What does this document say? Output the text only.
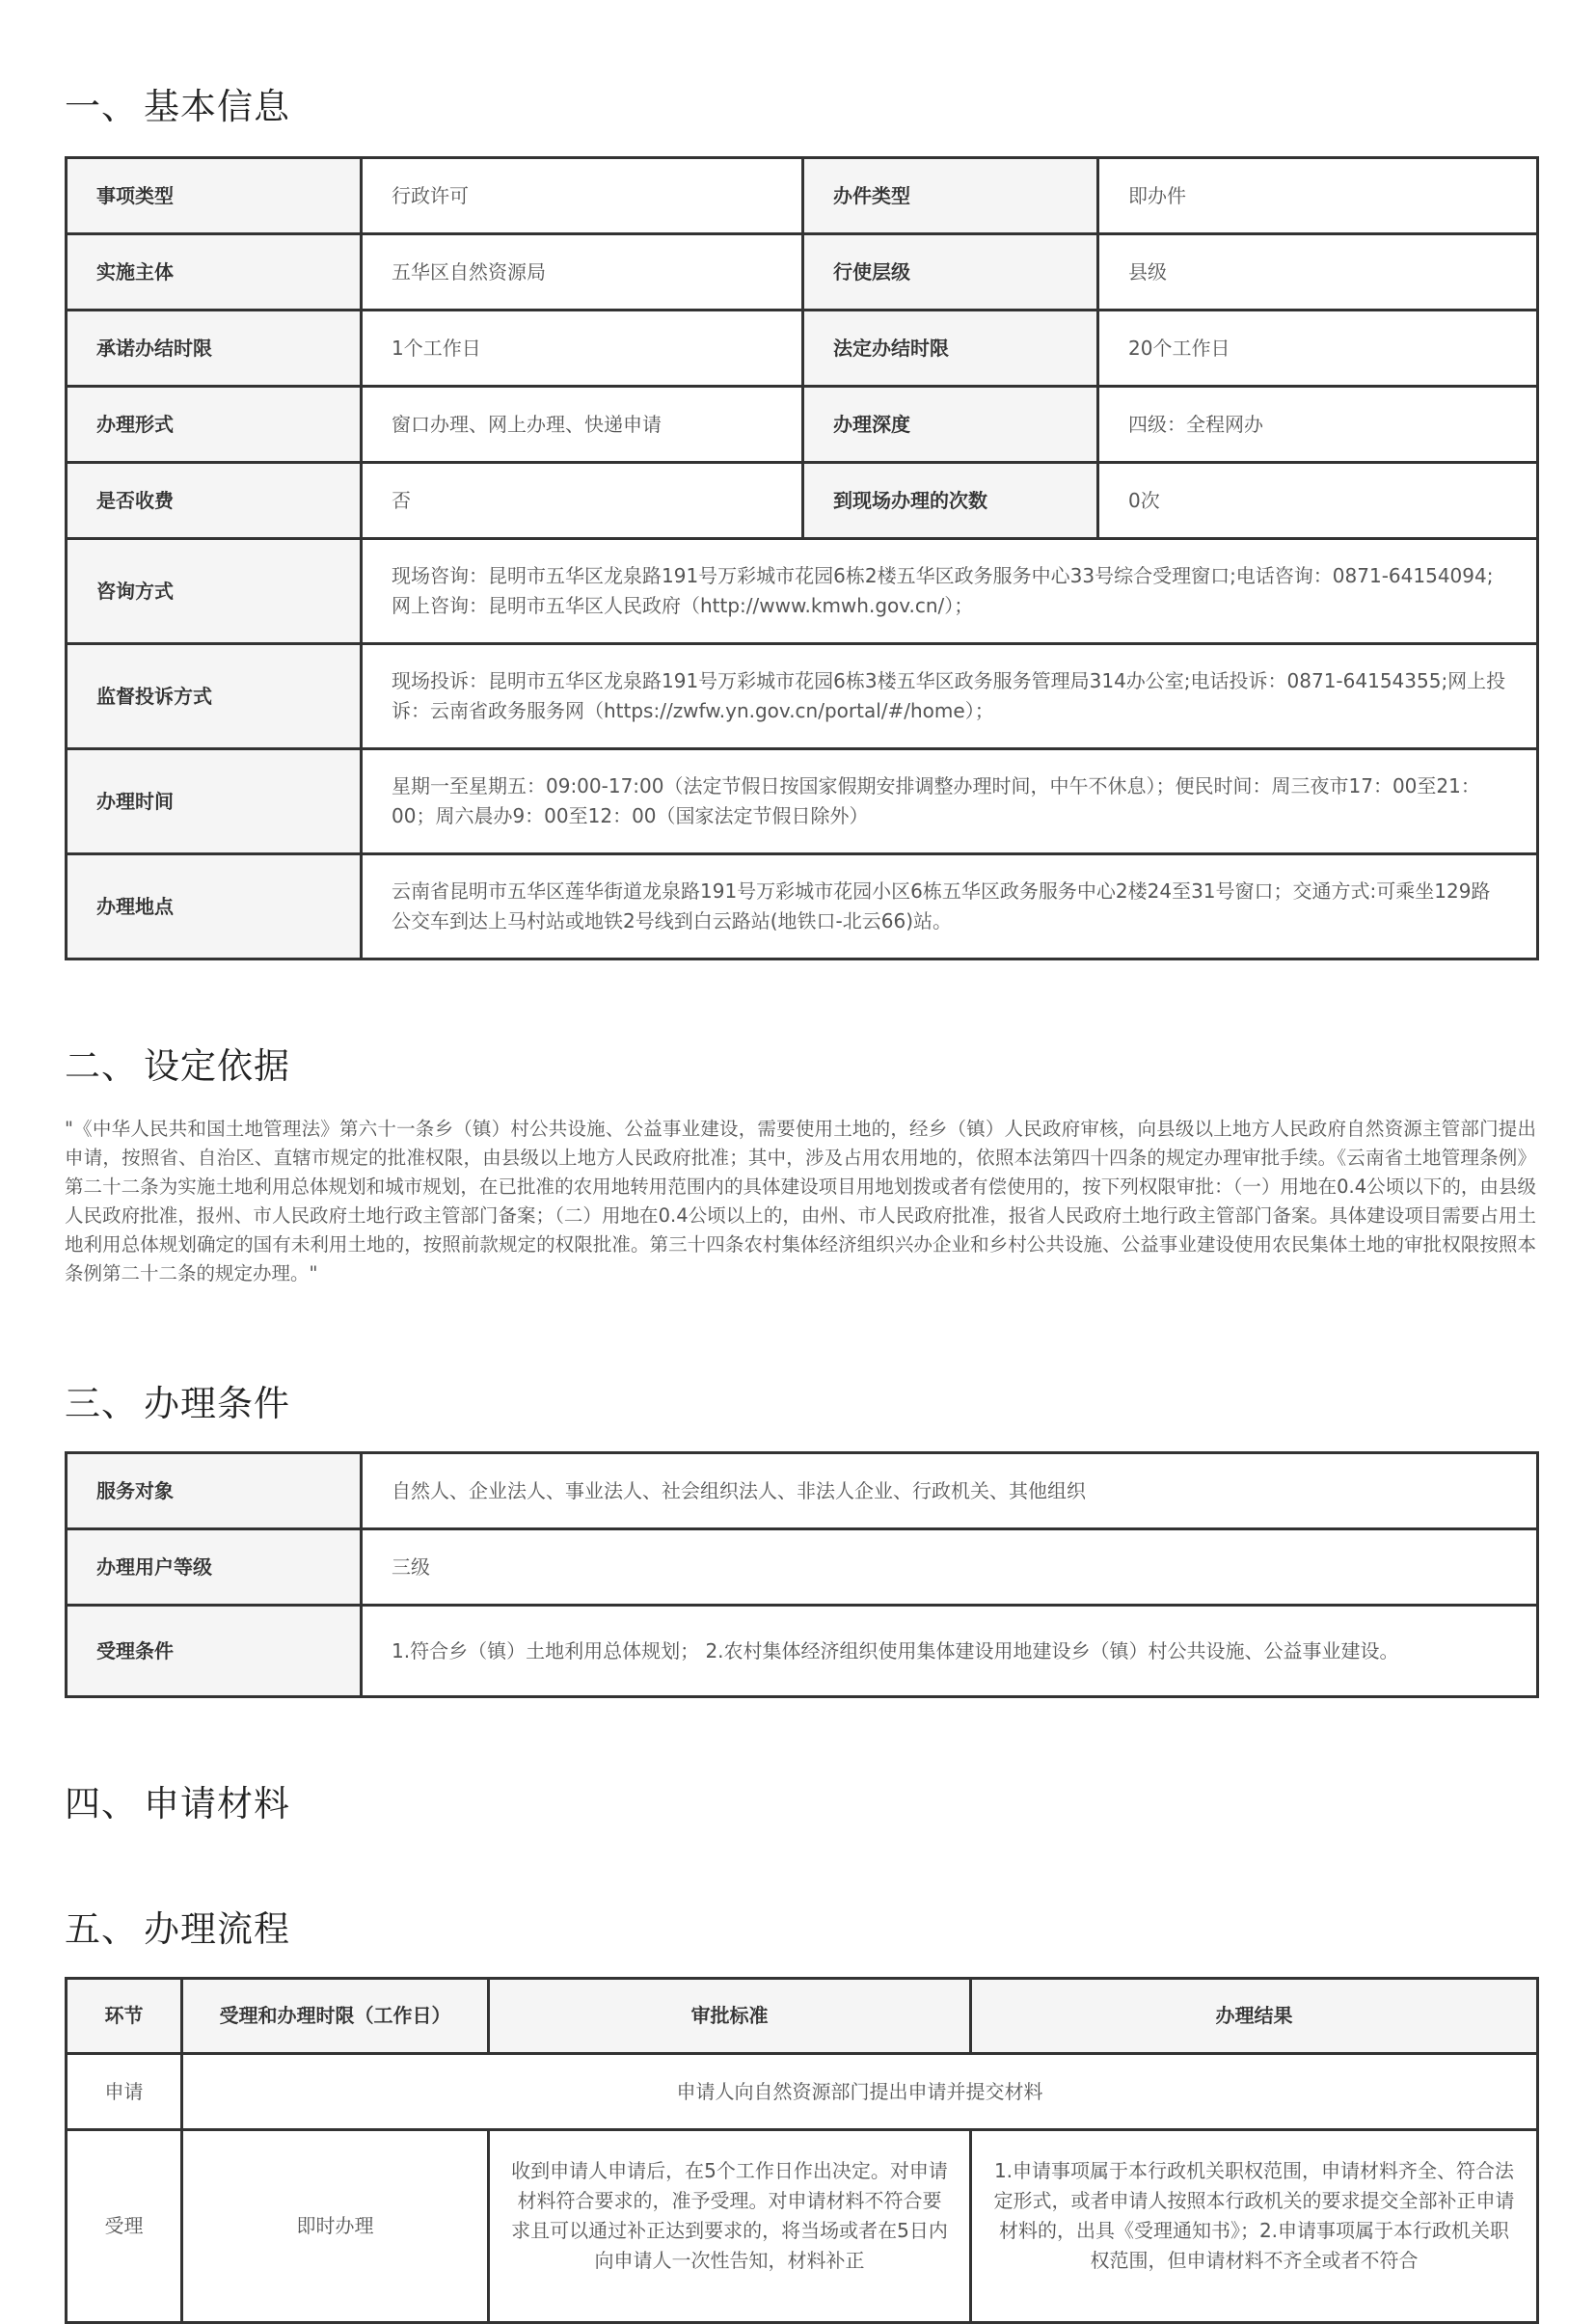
一、 基本信息
事项类型	行政许可	办件类型	即办件
实施主体	五华区自然资源局	行使层级	县级
承诺办结时限	1个工作日	法定办结时限	20个工作日
办理形式	窗口办理、网上办理、快递申请	办理深度	四级：全程网办
是否收费	否	到现场办理的次数	0次
咨询方式	现场咨询：昆明市五华区龙泉路191号万彩城市花园6栋2楼五华区政务服务中心33号综合受理窗口;电话咨询：0871-64154094;网上咨询：昆明市五华区人民政府（http://www.kmwh.gov.cn/）；		
监督投诉方式	现场投诉：昆明市五华区龙泉路191号万彩城市花园6栋3楼五华区政务服务管理局314办公室;电话投诉：0871-64154355;网上投诉：云南省政务服务网（https://zwfw.yn.gov.cn/portal/#/home）；		
办理时间	星期一至星期五：09:00-17:00（法定节假日按国家假期安排调整办理时间，中午不休息）；便民时间：周三夜市17：00至21：00；周六晨办9：00至12：00（国家法定节假日除外）		
办理地点	云南省昆明市五华区莲华街道龙泉路191号万彩城市花园小区6栋五华区政务服务中心2楼24至31号窗口；交通方式:可乘坐129路公交车到达上马村站或地铁2号线到白云路站(地铁口-北云66)站。		
二、 设定依据

"《中华人民共和国土地管理法》第六十一条乡（镇）村公共设施、公益事业建设，需要使用土地的，经乡（镇）人民政府审核，向县级以上地方人民政府自然资源主管部门提出申请，按照省、自治区、直辖市规定的批准权限，由县级以上地方人民政府批准；其中，涉及占用农用地的，依照本法第四十四条的规定办理审批手续。《云南省土地管理条例》第二十二条为实施土地利用总体规划和城市规划，在已批准的农用地转用范围内的具体建设项目用地划拨或者有偿使用的，按下列权限审批：（一）用地在0.4公顷以下的，由县级人民政府批准，报州、市人民政府土地行政主管部门备案；（二）用地在0.4公顷以上的，由州、市人民政府批准，报省人民政府土地行政主管部门备案。具体建设项目需要占用土地利用总体规划确定的国有未利用土地的，按照前款规定的权限批准。第三十四条农村集体经济组织兴办企业和乡村公共设施、公益事业建设使用农民集体土地的审批权限按照本条例第二十二条的规定办理。"

三、 办理条件
服务对象	自然人、企业法人、事业法人、社会组织法人、非法人企业、行政机关、其他组织
办理用户等级	三级
受理条件	1.符合乡（镇）土地利用总体规划； 2.农村集体经济组织使用集体建设用地建设乡（镇）村公共设施、公益事业建设。
四、 申请材料
五、 办理流程
环节	受理和办理时限（工作日）	审批标准	办理结果
申请	申请人向自然资源部门提出申请并提交材料		
受理	即时办理	收到申请人申请后，在5个工作日作出决定。对申请材料符合要求的，准予受理。对申请材料不符合要求且可以通过补正达到要求的，将当场或者在5日内向申请人一次性告知，材料补正	1.申请事项属于本行政机关职权范围，申请材料齐全、符合法定形式，或者申请人按照本行政机关的要求提交全部补正申请材料的，出具《受理通知书》；2.申请事项属于本行政机关职权范围，但申请材料不齐全或者不符合
